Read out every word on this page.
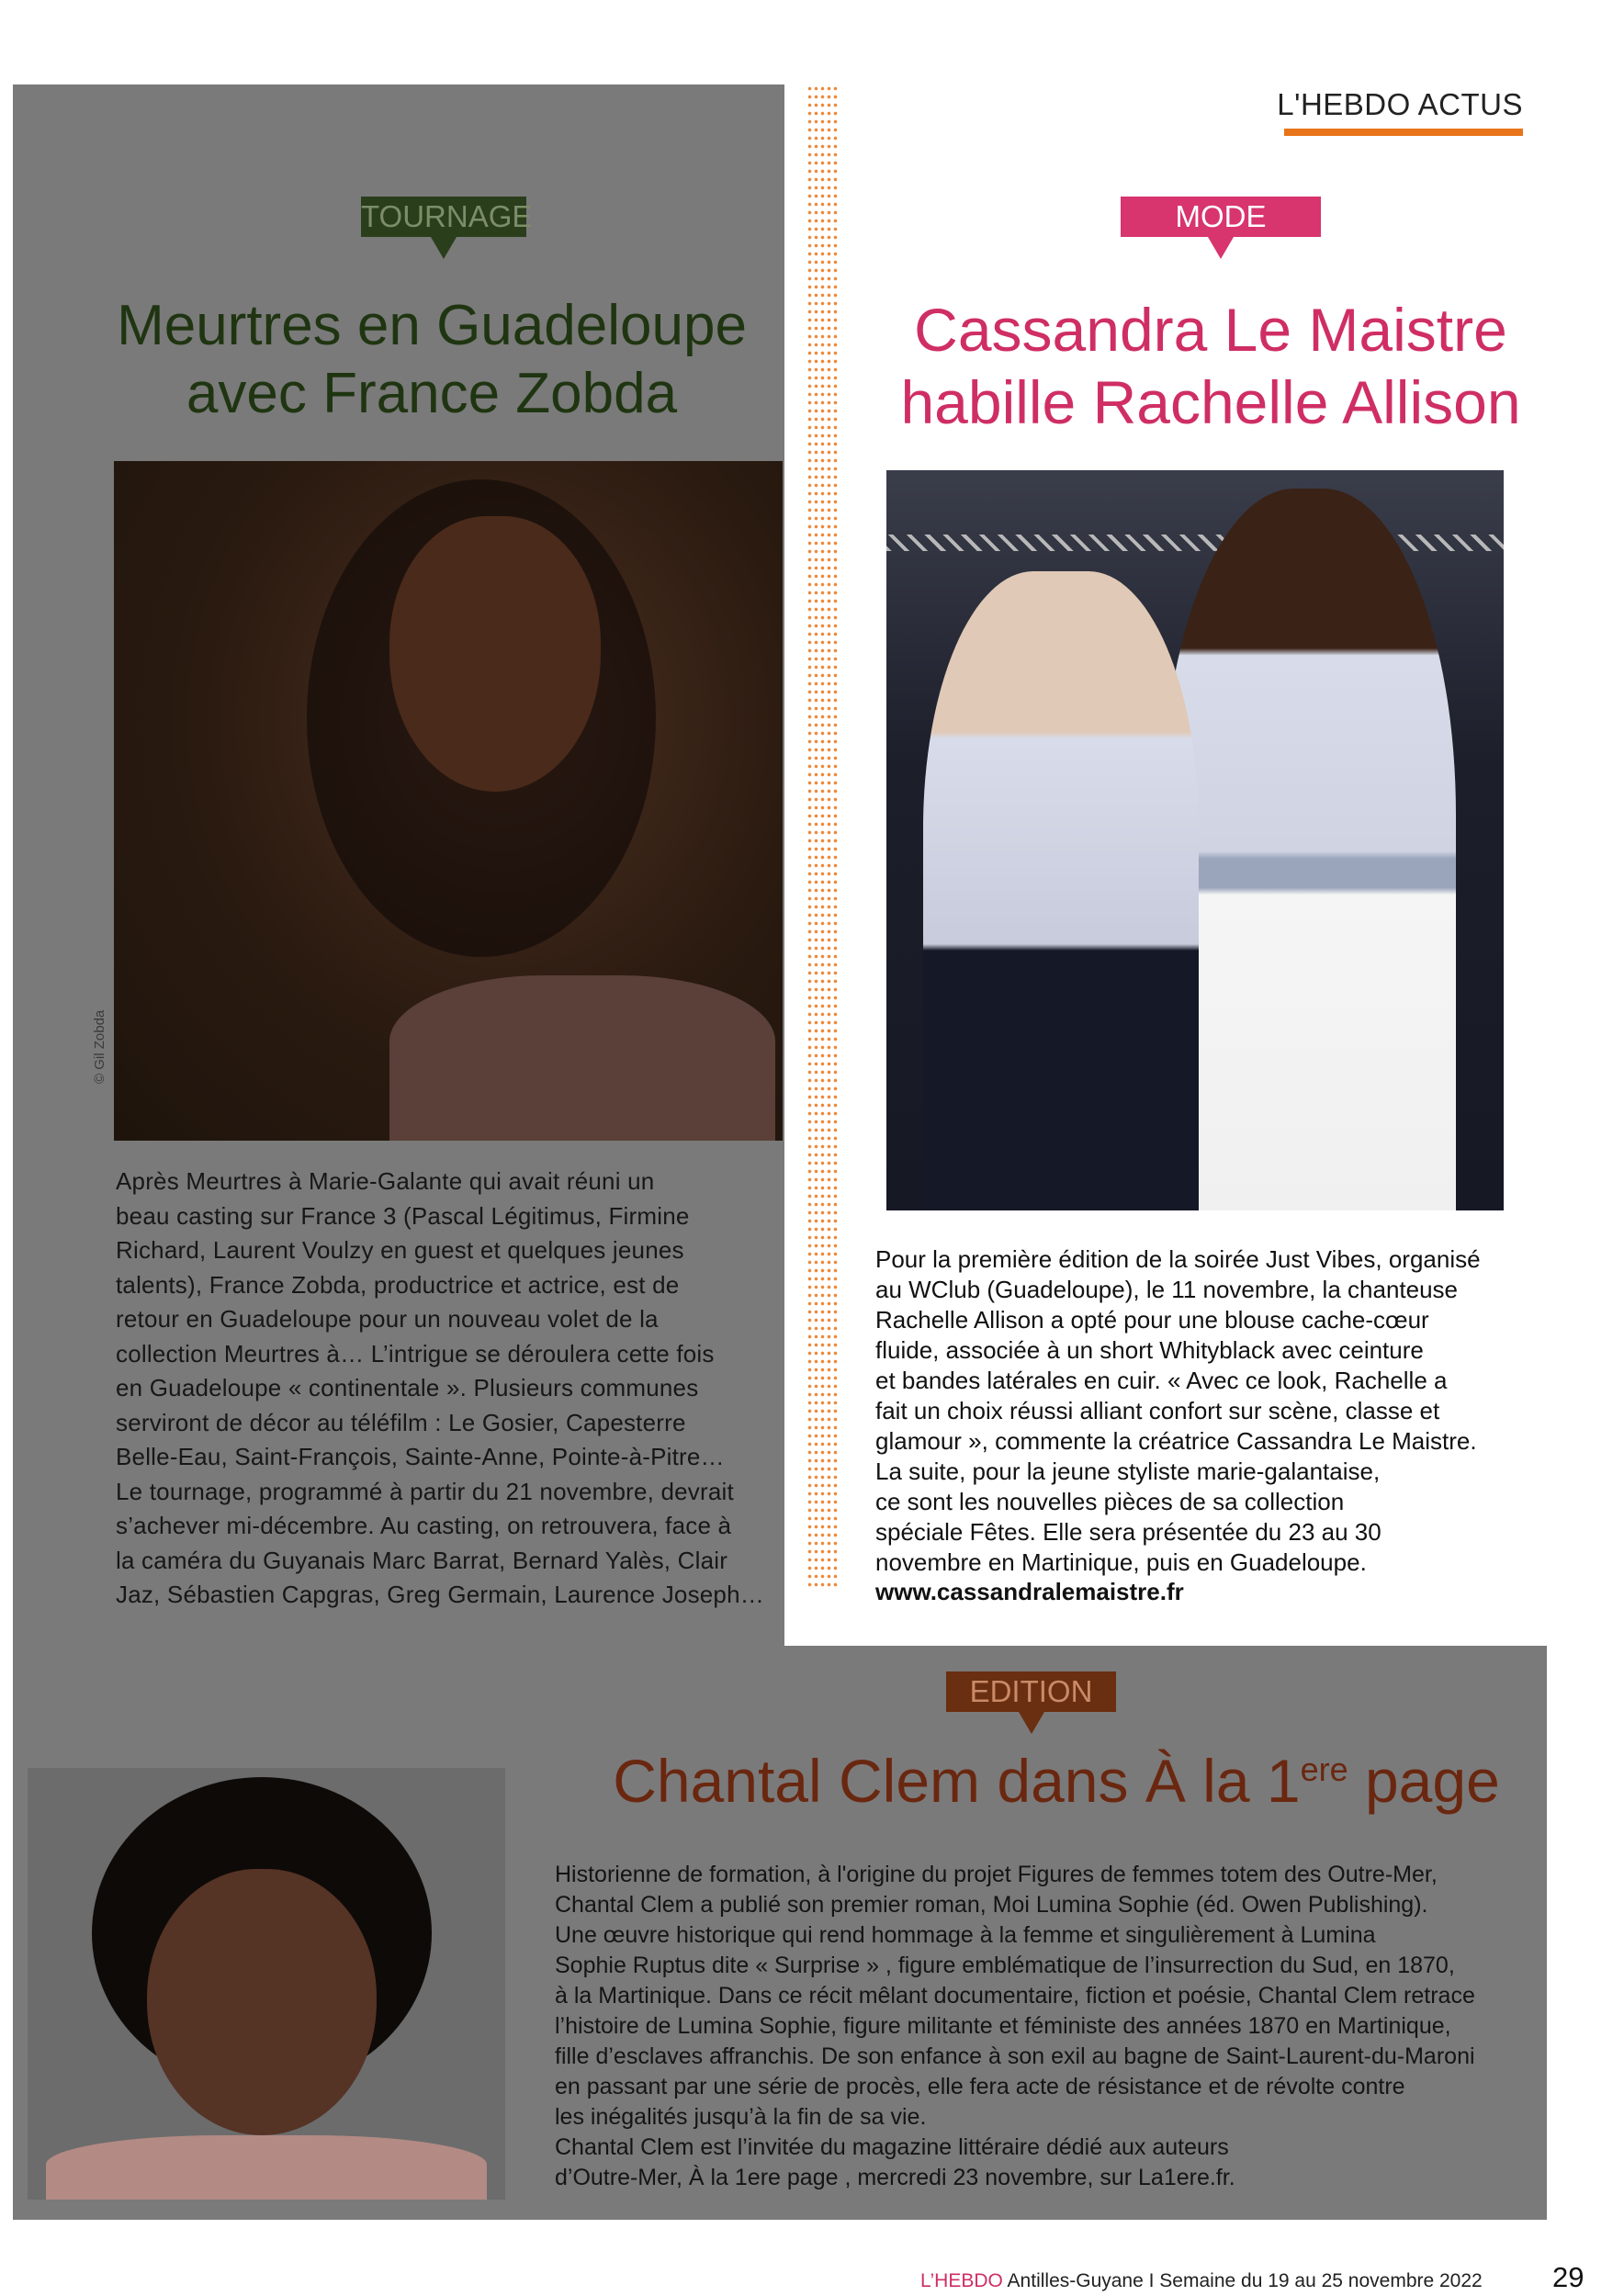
L'HEBDO ACTUS
TOURNAGE
Meurtres en Guadeloupe
avec France Zobda
© Gil Zobda
Après Meurtres à Marie-Galante qui avait réuni un
beau casting sur France 3 (Pascal Légitimus, Firmine
Richard, Laurent Voulzy en guest et quelques jeunes
talents), France Zobda, productrice et actrice, est de
retour en Guadeloupe pour un nouveau volet de la
collection Meurtres à… L’intrigue se déroulera cette fois
en Guadeloupe « continentale ». Plusieurs communes
serviront de décor au téléfilm : Le Gosier, Capesterre
Belle-Eau, Saint-François, Sainte-Anne, Pointe-à-Pitre…
Le tournage, programmé à partir du 21 novembre, devrait
s’achever mi-décembre. Au casting, on retrouvera, face à
la caméra du Guyanais Marc Barrat, Bernard Yalès, Clair
Jaz, Sébastien Capgras, Greg Germain, Laurence Joseph…
MODE
Cassandra Le Maistre
habille Rachelle Allison
Pour la première édition de la soirée Just Vibes, organisé
au WClub (Guadeloupe), le 11 novembre, la chanteuse
Rachelle Allison a opté pour une blouse cache-cœur
fluide, associée à un short Whityblack avec ceinture
et bandes latérales en cuir. « Avec ce look, Rachelle a
fait un choix réussi alliant confort sur scène, classe et
glamour », commente la créatrice Cassandra Le Maistre.
La suite, pour la jeune styliste marie-galantaise,
ce sont les nouvelles pièces de sa collection
spéciale Fêtes. Elle sera présentée du 23 au 30
novembre en Martinique, puis en Guadeloupe.
www.cassandralemaistre.fr
EDITION
Chantal Clem dans À la 1ere page
Historienne de formation, à l'origine du projet Figures de femmes totem des Outre-Mer,
Chantal Clem a publié son premier roman, Moi Lumina Sophie (éd. Owen Publishing).
Une œuvre historique qui rend hommage à la femme et singulièrement à Lumina
Sophie Ruptus dite « Surprise » , figure emblématique de l’insurrection du Sud, en 1870,
à la Martinique. Dans ce récit mêlant documentaire, fiction et poésie, Chantal Clem retrace
l’histoire de Lumina Sophie, figure militante et féministe des années 1870 en Martinique,
fille d’esclaves affranchis. De son enfance à son exil au bagne de Saint-Laurent-du-Maroni
en passant par une série de procès, elle fera acte de résistance et de révolte contre
les inégalités jusqu’à la fin de sa vie.
Chantal Clem est l’invitée du magazine littéraire dédié aux auteurs
d’Outre-Mer, À la 1ere page , mercredi 23 novembre, sur La1ere.fr.
L’HEBDO Antilles-Guyane I Semaine du 19 au 25 novembre 2022 29
